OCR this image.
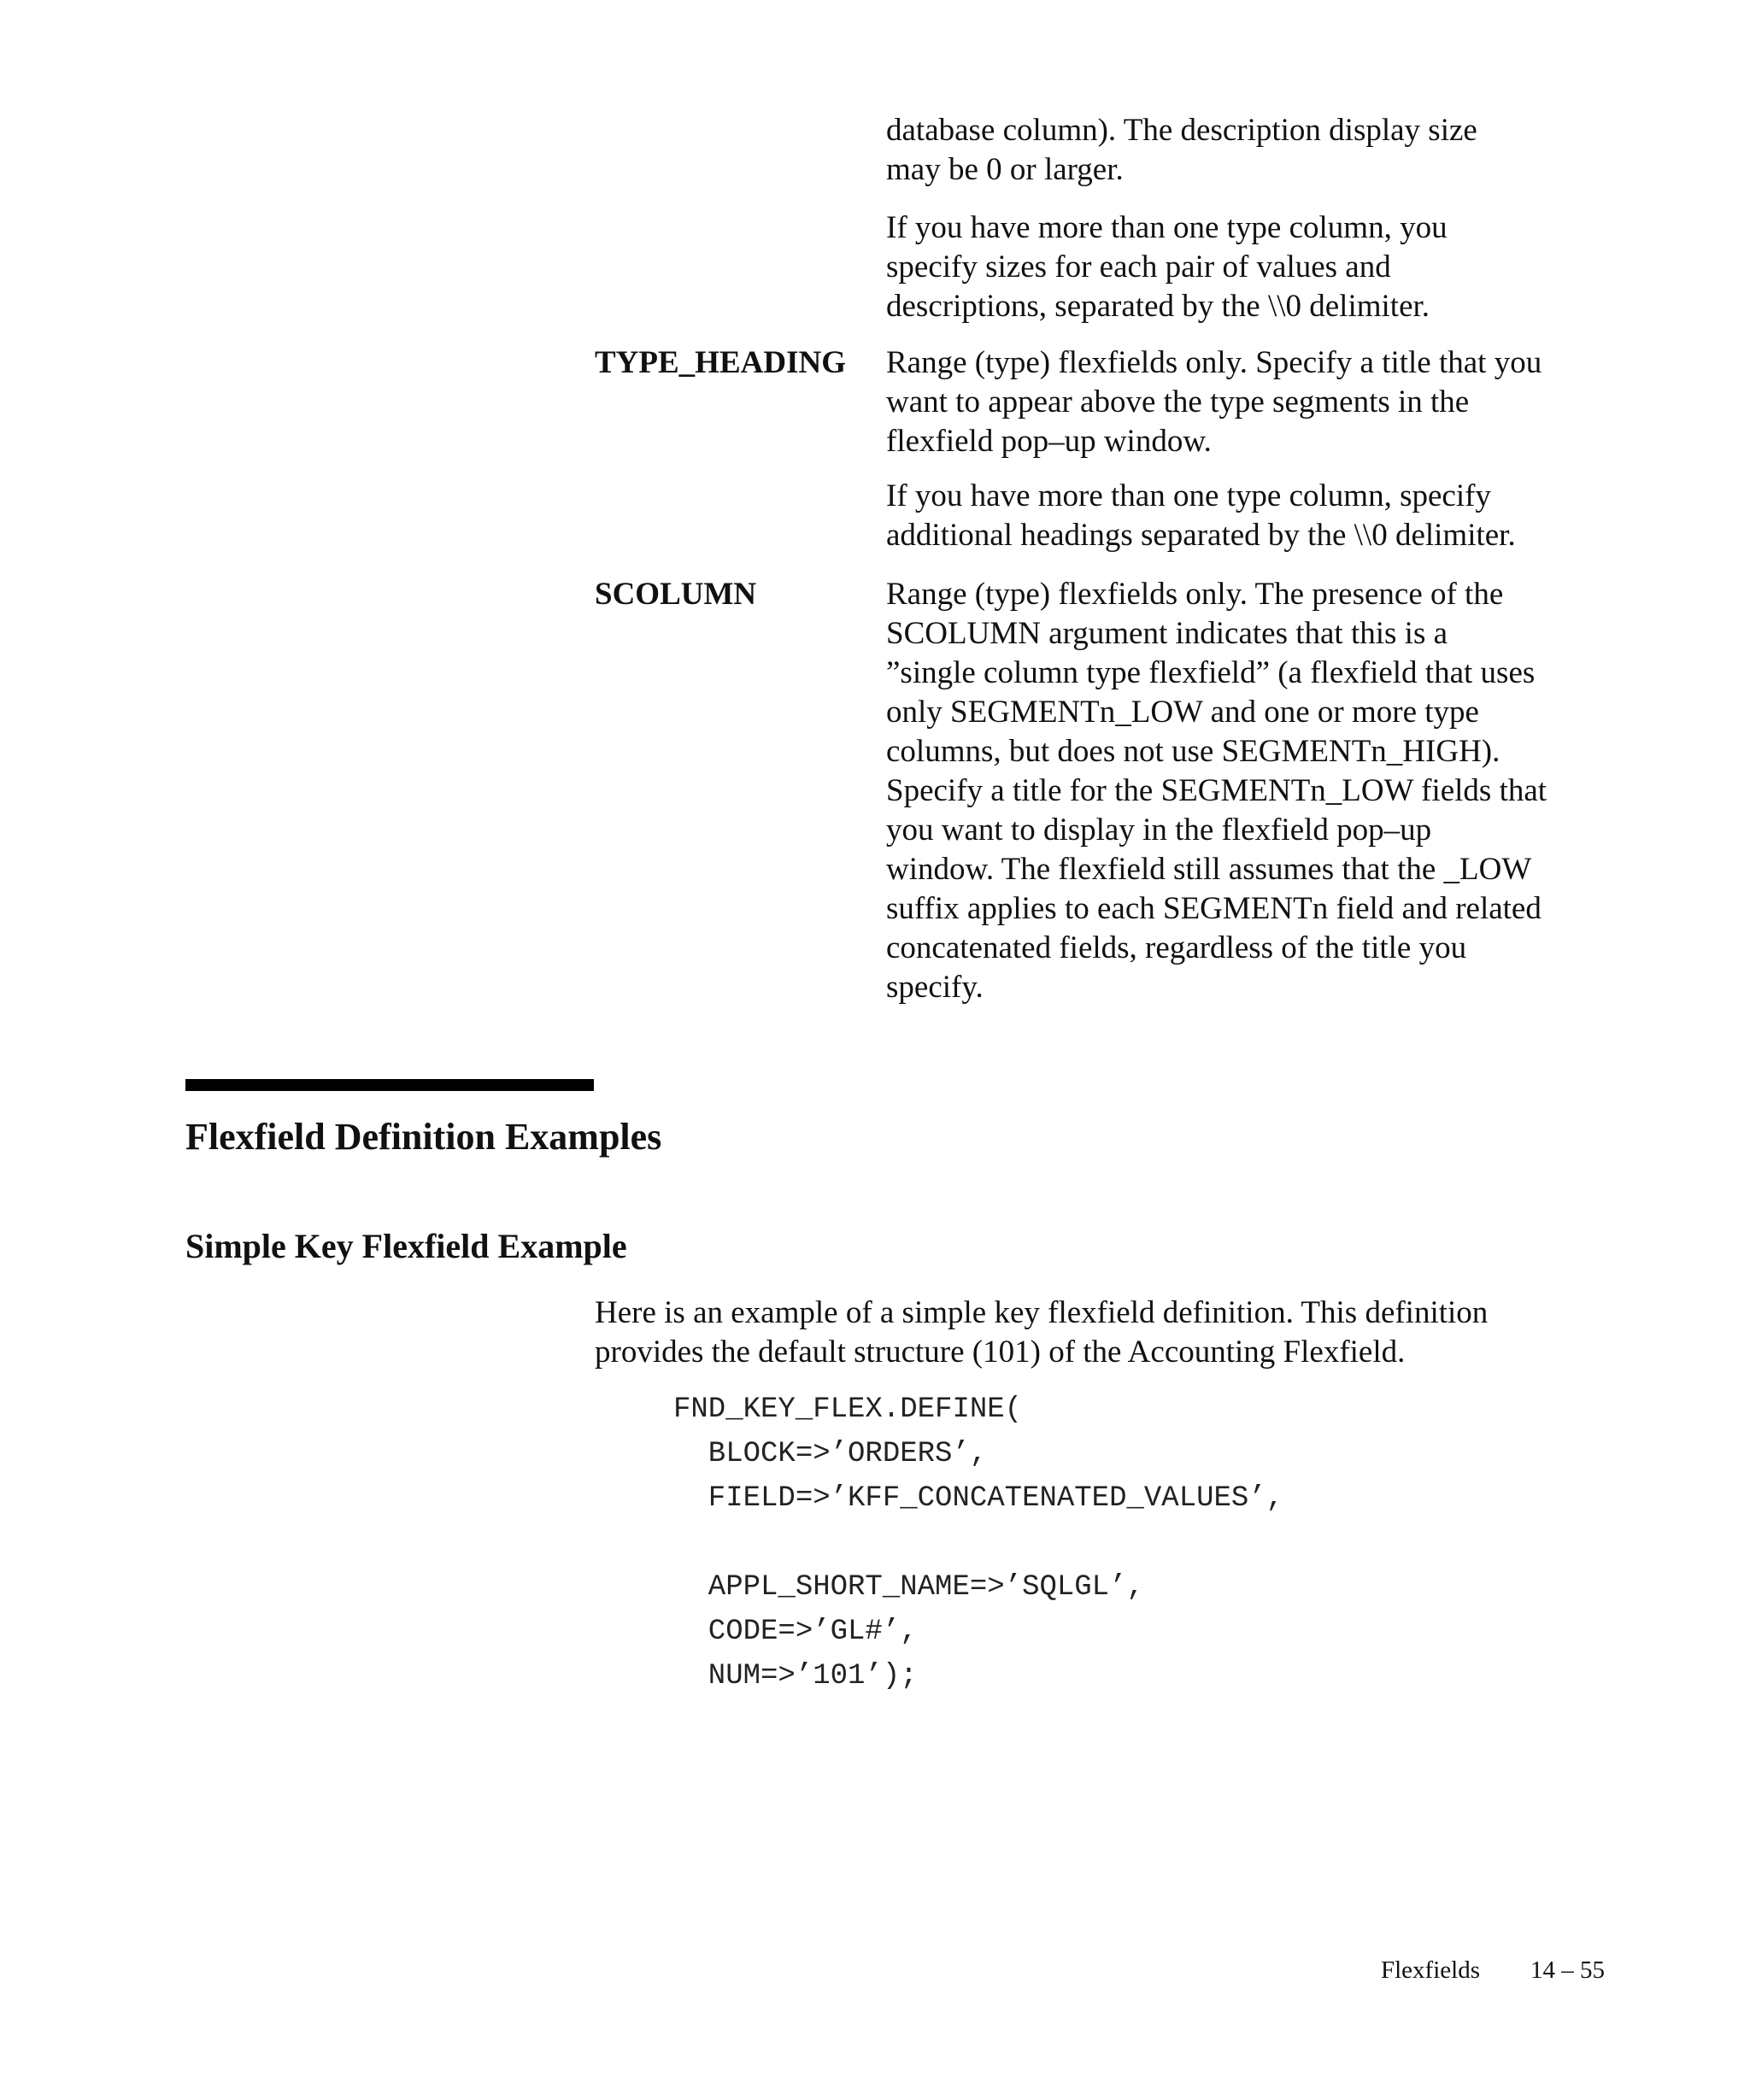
database column). The description display size
may be 0 or larger.

If you have more than one type column, you
specify sizes for each pair of values and
descriptions, separated by the \\0 delimiter.

TYPE_HEADING Range (type) flexfields only. Specify a title that you
want to appear above the type segments in the
flexfield pop–up window.

If you have more than one type column, specify
additional headings separated by the \\0 delimiter.

SCOLUMN	Range (type) flexfields only. The presence of the
SCOLUMN argument indicates that this is a
”single column type flexfield” (a flexfield that uses
only SEGMENTn_LOW and one or more type
columns, but does not use SEGMENTn_HIGH).
Specify a title for the SEGMENTn_LOW fields that
you want to display in the flexfield pop–up
window. The flexfield still assumes that the _LOW
suffix applies to each SEGMENTn field and related
concatenated fields, regardless of the title you
specify.

Flexfield Definition Examples
Simple Key Flexfield Example

Here is an example of a simple key flexfield definition. This definition
provides the default structure (101) of the Accounting Flexfield.

FND_KEY_FLEX.DEFINE(
BLOCK=>’ORDERS’,
FIELD=>’KFF_CONCATENATED_VALUES’,

APPL_SHORT_NAME=>’SQLGL’,
CODE=>’GL#’,
NUM=>’101’);

Flexfields 14 – 55
